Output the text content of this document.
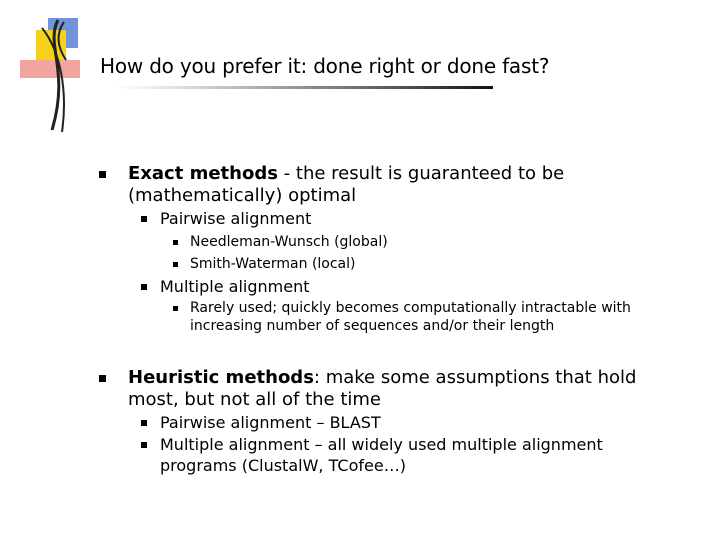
How do you prefer it: done right or done fast?
Exact methods - the result is guaranteed to be
(mathematically) optimal
Pairwise alignment
Needleman-Wunsch (global)
Smith-Waterman (local)
Multiple alignment
Rarely used; quickly becomes computationally intractable with
increasing number of sequences and/or their length
Heuristic methods: make some assumptions that hold
most, but not all of the time
Pairwise alignment – BLAST
Multiple alignment – all widely used multiple alignment
programs (ClustalW, TCofee…)
